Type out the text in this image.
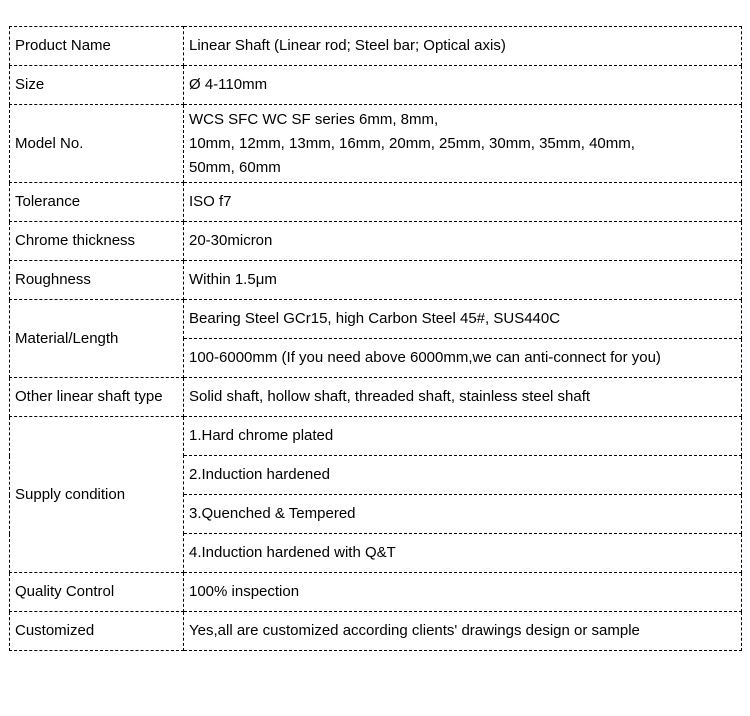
Product Name	Linear Shaft (Linear rod; Steel bar; Optical axis)
Size	Ø 4-110mm
Model No.	WCS SFC WC SF series 6mm, 8mm,
10mm, 12mm, 13mm, 16mm, 20mm, 25mm, 30mm, 35mm, 40mm,
50mm, 60mm

Tolerance	ISO f7
Chrome thickness	20-30micron
Roughness	Within 1.5μm
Material/Length	Bearing Steel GCr15, high Carbon Steel 45#, SUS440C
	100-6000mm (If you need above 6000mm,we can anti-connect for you)
Other linear shaft type	Solid shaft, hollow shaft, threaded shaft, stainless steel shaft
Supply condition	1.Hard chrome plated
	2.Induction hardened
	3.Quenched & Tempered
	4.Induction hardened with Q&T
Quality Control	100% inspection
Customized	Yes,all are customized according clients' drawings design or sample
